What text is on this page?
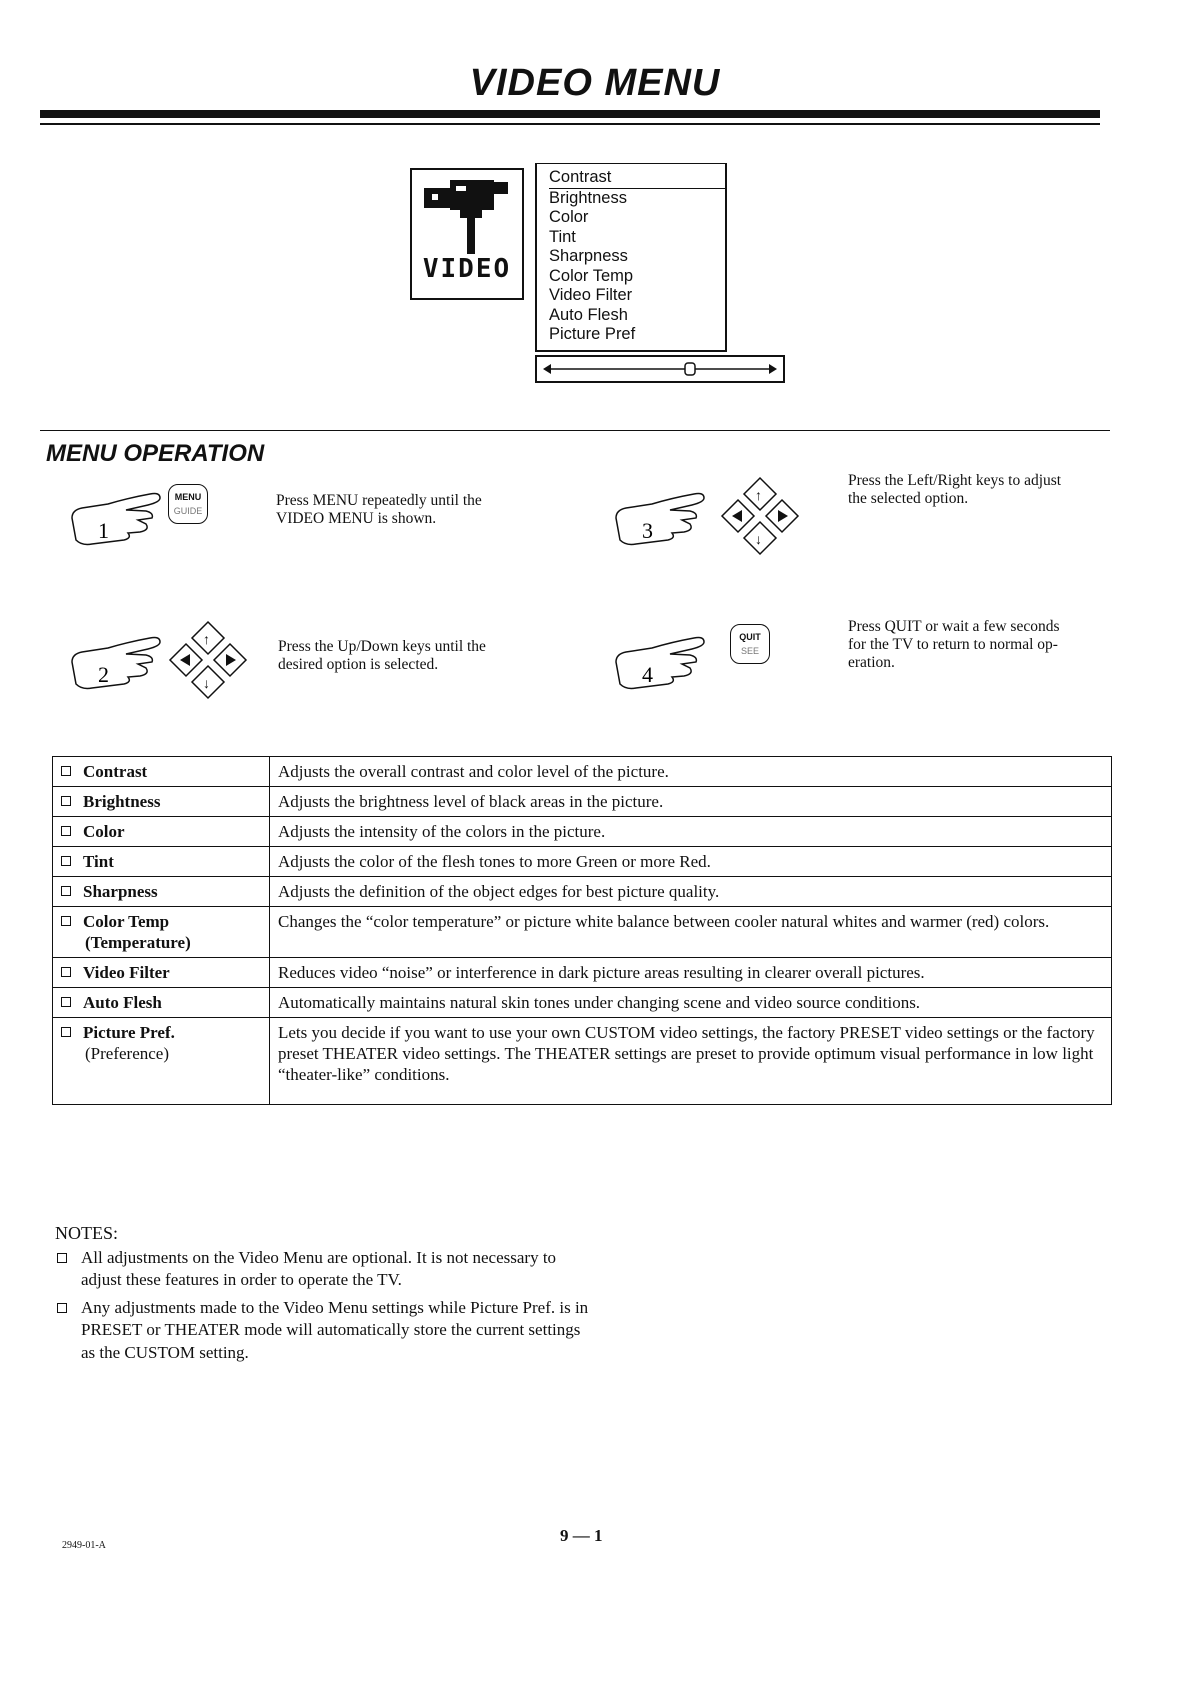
VIDEO MENU
VIDEO
Contrast
Brightness
Color
Tint
Sharpness
Color Temp
Video Filter
Auto Flesh
Picture Pref
MENU OPERATION
1
MENU
GUIDE
Press MENU repeatedly until the
VIDEO MENU is shown.	3
↑
↓
Press the Left/Right keys to adjust
the selected option.
2
↑
↓
Press the Up/Down keys until the
desired option is selected.	4
QUIT
SEE
Press QUIT or wait a few seconds
for the TV to return to normal op-
eration.
Contrast	Adjusts the overall contrast and color level of the picture.
Brightness	Adjusts the brightness level of black areas in the picture.
Color	Adjusts the intensity of the colors in the picture.
Tint	Adjusts the color of the flesh tones to more Green or more Red.
Sharpness	Adjusts the definition of the object edges for best picture quality.
Color Temp
(Temperature)	Changes the “color temperature” or picture white balance between cooler natural whites and warmer (red) colors.
Video Filter	Reduces video “noise” or interference in dark picture areas resulting in clearer overall pictures.
Auto Flesh	Automatically maintains natural skin tones under changing scene and video source conditions.
Picture Pref.
(Preference)	Lets you decide if you want to use your own CUSTOM video settings, the factory PRESET video settings or the factory preset THEATER video settings. The THEATER settings are preset to provide optimum visual performance in low light “theater-like” conditions.
NOTES:
All adjustments on the Video Menu are optional. It is not necessary to adjust these features in order to operate the TV.
Any adjustments made to the Video Menu settings while Picture Pref. is in PRESET or THEATER mode will automatically store the current settings as the CUSTOM setting.
2949-01-A
9 — 1
